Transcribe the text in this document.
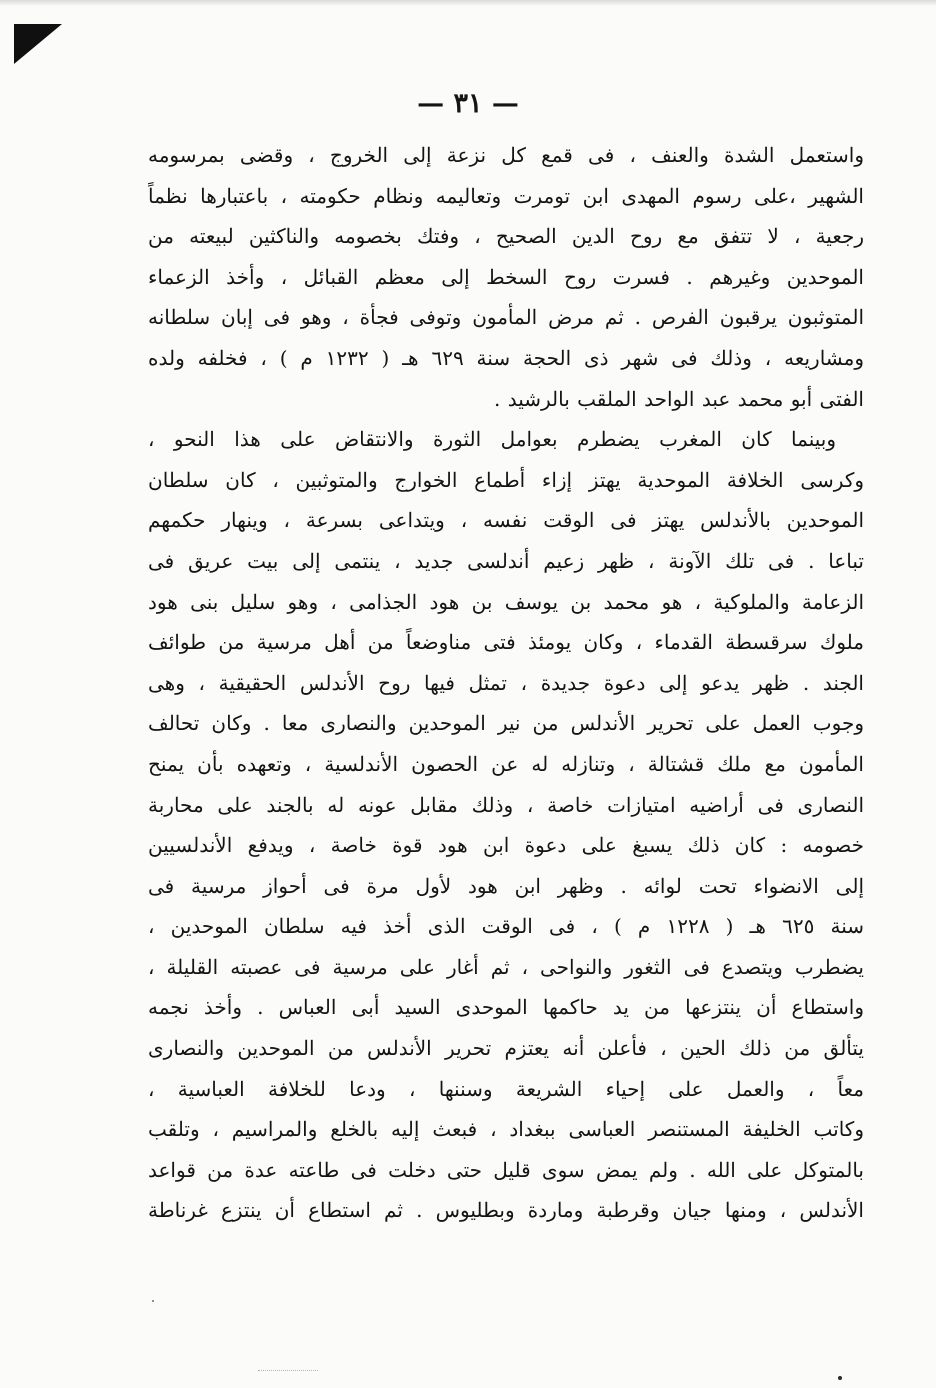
— ٣١ —
واستعمل الشدة والعنف ، فى قمع كل نزعة إلى الخروج ، وقضى بمرسومه
الشهير ،على رسوم المهدى ابن تومرت وتعاليمه ونظام حكومته ، باعتبارها نظماً
رجعية ، لا تتفق مع روح الدين الصحيح ، وفتك بخصومه والناكثين لبيعته من
الموحدين وغيرهم . فسرت روح السخط إلى معظم القبائل ، وأخذ الزعماء
المتوثبون يرقبون الفرص . ثم مرض المأمون وتوفى فجأة ، وهو فى إبان سلطانه
ومشاريعه ، وذلك فى شهر ذى الحجة سنة ٦٢٩ هـ ( ١٢٣٢ م ) ، فخلفه ولده
الفتى أبو محمد عبد الواحد الملقب بالرشيد .
وبينما كان المغرب يضطرم بعوامل الثورة والانتقاض على هذا النحو ،
وكرسى الخلافة الموحدية يهتز إزاء أطماع الخوارج والمتوثبين ، كان سلطان
الموحدين بالأندلس يهتز فى الوقت نفسه ، ويتداعى بسرعة ، وينهار حكمهم
تباعا . فى تلك الآونة ، ظهر زعيم أندلسى جديد ، ينتمى إلى بيت عريق فى
الزعامة والملوكية ، هو محمد بن يوسف بن هود الجذامى ، وهو سليل بنى هود
ملوك سرقسطة القدماء ، وكان يومئذ فتى مناوضعاً من أهل مرسية من طوائف
الجند . ظهر يدعو إلى دعوة جديدة ، تمثل فيها روح الأندلس الحقيقية ، وهى
وجوب العمل على تحرير الأندلس من نير الموحدين والنصارى معا . وكان تحالف
المأمون مع ملك قشتالة ، وتنازله له عن الحصون الأندلسية ، وتعهده بأن يمنح
النصارى فى أراضيه امتيازات خاصة ، وذلك مقابل عونه له بالجند على محاربة
خصومه : كان ذلك يسبغ على دعوة ابن هود قوة خاصة ، ويدفع الأندلسيين
إلى الانضواء تحت لوائه . وظهر ابن هود لأول مرة فى أحواز مرسية فى
سنة ٦٢٥ هـ ( ١٢٢٨ م ) ، فى الوقت الذى أخذ فيه سلطان الموحدين ،
يضطرب ويتصدع فى الثغور والنواحى ، ثم أغار على مرسية فى عصبته القليلة ،
واستطاع أن ينتزعها من يد حاكمها الموحدى السيد أبى العباس . وأخذ نجمه
يتألق من ذلك الحين ، فأعلن أنه يعتزم تحرير الأندلس من الموحدين والنصارى
معاً ، والعمل على إحياء الشريعة وسننها ، ودعا للخلافة العباسية ،
وكاتب الخليفة المستنصر العباسى ببغداد ، فبعث إليه بالخلع والمراسيم ، وتلقب
بالمتوكل على الله . ولم يمض سوى قليل حتى دخلت فى طاعته عدة من قواعد
الأندلس ، ومنها جيان وقرطبة وماردة وبطليوس . ثم استطاع أن ينتزع غرناطة
